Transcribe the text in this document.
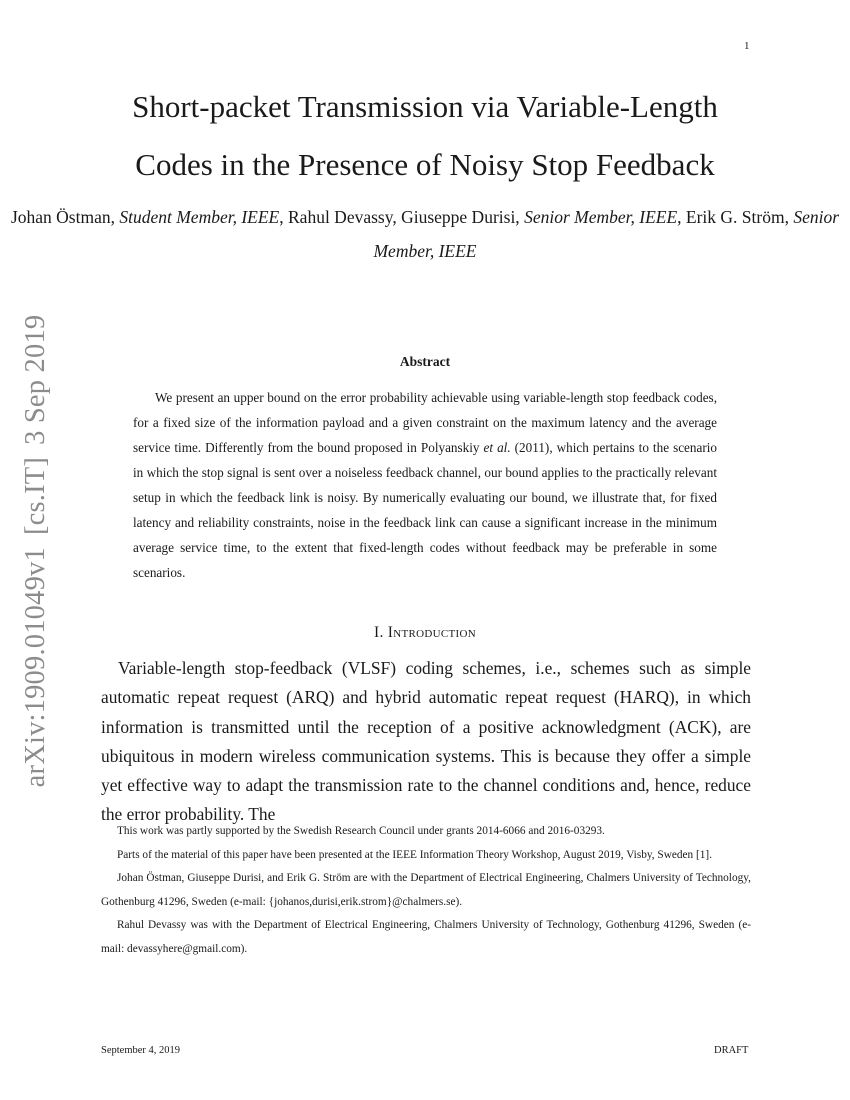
1
arXiv:1909.01049v1[cs.IT]3 Sep 2019
Short-packet Transmission via Variable-Length
Codes in the Presence of Noisy Stop Feedback
Johan Östman, Student Member, IEEE, Rahul Devassy, Giuseppe Durisi, Senior Member, IEEE, Erik G. Ström, Senior Member, IEEE
Abstract
We present an upper bound on the error probability achievable using variable-length stop feedback codes, for a fixed size of the information payload and a given constraint on the maximum latency and the average service time. Differently from the bound proposed in Polyanskiy et al. (2011), which pertains to the scenario in which the stop signal is sent over a noiseless feedback channel, our bound applies to the practically relevant setup in which the feedback link is noisy. By numerically evaluating our bound, we illustrate that, for fixed latency and reliability constraints, noise in the feedback link can cause a significant increase in the minimum average service time, to the extent that fixed-length codes without feedback may be preferable in some scenarios.
I. Introduction
Variable-length stop-feedback (VLSF) coding schemes, i.e., schemes such as simple automatic repeat request (ARQ) and hybrid automatic repeat request (HARQ), in which information is transmitted until the reception of a positive acknowledgment (ACK), are ubiquitous in modern wireless communication systems. This is because they offer a simple yet effective way to adapt the transmission rate to the channel conditions and, hence, reduce the error probability. The

This work was partly supported by the Swedish Research Council under grants 2014-6066 and 2016-03293.

Parts of the material of this paper have been presented at the IEEE Information Theory Workshop, August 2019, Visby, Sweden [1].

Johan Östman, Giuseppe Durisi, and Erik G. Ström are with the Department of Electrical Engineering, Chalmers University of Technology, Gothenburg 41296, Sweden (e-mail: {johanos,durisi,erik.strom}@chalmers.se).

Rahul Devassy was with the Department of Electrical Engineering, Chalmers University of Technology, Gothenburg 41296, Sweden (e-mail: devassyhere@gmail.com).

September 4, 2019	DRAFT
